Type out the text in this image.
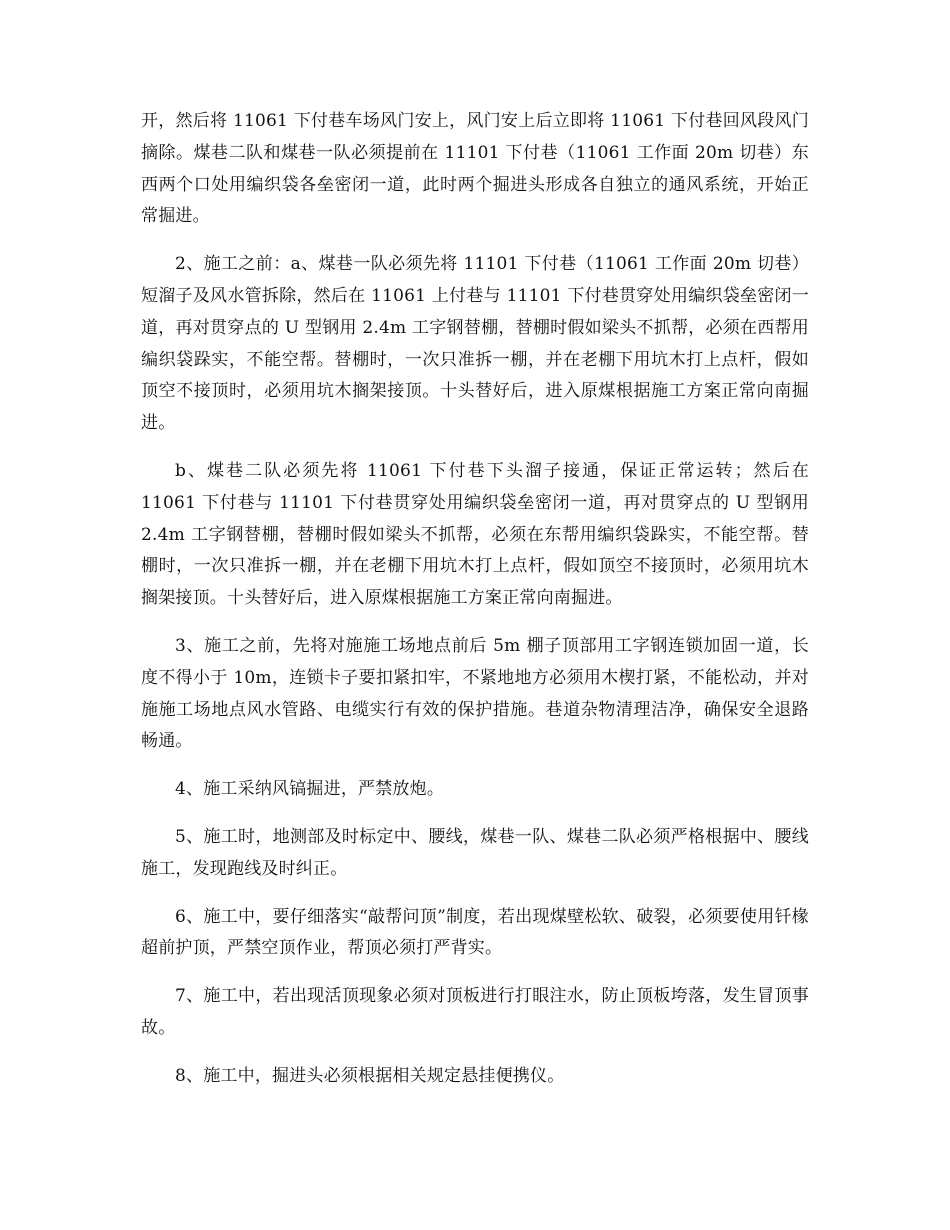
开，然后将 11061 下付巷车场风门安上，风门安上后立即将 11061 下付巷回风段风门摘除。煤巷二队和煤巷一队必须提前在 11101 下付巷（11061 工作面 20m 切巷）东西两个口处用编织袋各垒密闭一道，此时两个掘进头形成各自独立的通风系统，开始正常掘进。

2、施工之前：a、煤巷一队必须先将 11101 下付巷（11061 工作面 20m 切巷）短溜子及风水管拆除，然后在 11061 上付巷与 11101 下付巷贯穿处用编织袋垒密闭一道，再对贯穿点的 U 型钢用 2.4m 工字钢替棚，替棚时假如梁头不抓帮，必须在西帮用编织袋跺实，不能空帮。替棚时，一次只准拆一棚，并在老棚下用坑木打上点杆，假如顶空不接顶时，必须用坑木搁架接顶。十头替好后，进入原煤根据施工方案正常向南掘进。

b、煤巷二队必须先将 11061 下付巷下头溜子接通，保证正常运转；然后在 11061 下付巷与 11101 下付巷贯穿处用编织袋垒密闭一道，再对贯穿点的 U 型钢用 2.4m 工字钢替棚，替棚时假如梁头不抓帮，必须在东帮用编织袋跺实，不能空帮。替棚时，一次只准拆一棚，并在老棚下用坑木打上点杆，假如顶空不接顶时，必须用坑木搁架接顶。十头替好后，进入原煤根据施工方案正常向南掘进。

3、施工之前，先将对施施工场地点前后 5m 棚子顶部用工字钢连锁加固一道，长度不得小于 10m，连锁卡子要扣紧扣牢，不紧地地方必须用木楔打紧，不能松动，并对施施工场地点风水管路、电缆实行有效的保护措施。巷道杂物清理洁净，确保安全退路畅通。

4、施工采纳风镐掘进，严禁放炮。

5、施工时，地测部及时标定中、腰线，煤巷一队、煤巷二队必须严格根据中、腰线施工，发现跑线及时纠正。

6、施工中，要仔细落实“敲帮问顶”制度，若出现煤壁松软、破裂，必须要使用钎椽超前护顶，严禁空顶作业，帮顶必须打严背实。

7、施工中，若出现活顶现象必须对顶板进行打眼注水，防止顶板垮落，发生冒顶事故。

8、施工中，掘进头必须根据相关规定悬挂便携仪。
